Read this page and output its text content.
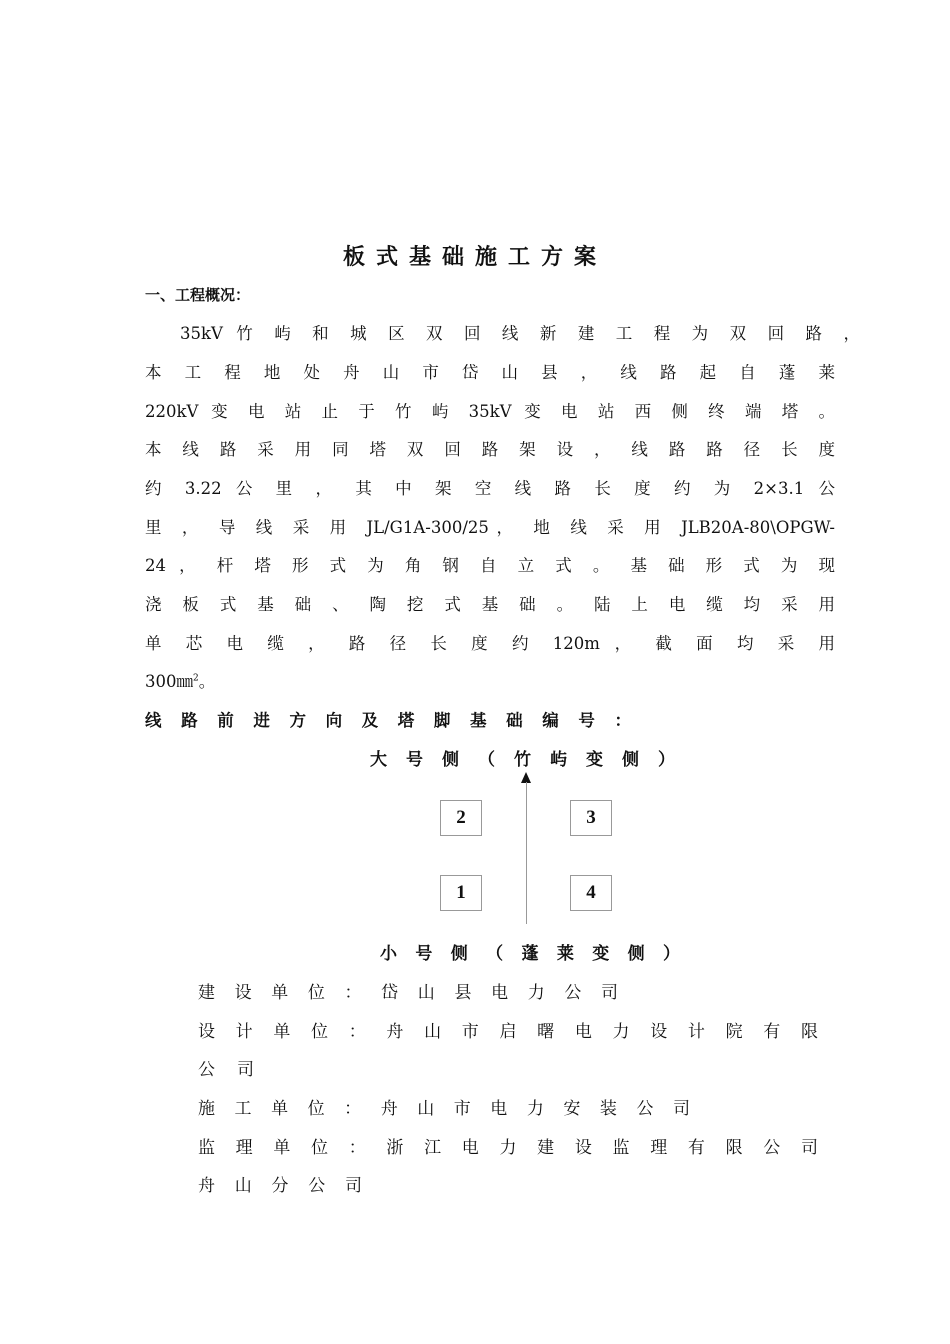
板式基础施工方案
一、工程概况：
35kV 竹 屿 和 城 区 双 回 线 新 建 工 程 为 双 回 路 ，
本 工 程 地 处 舟 山 市 岱 山 县 ， 线 路 起 自 蓬 莱
220kV 变 电 站 止 于 竹 屿 35kV 变 电 站 西 侧 终 端 塔 。
本 线 路 采 用 同 塔 双 回 路 架 设 ， 线 路 路 径 长 度
约 3.22 公 里 ， 其 中 架 空 线 路 长 度 约 为 2×3.1 公
里 ， 导 线 采 用 JL/G1A-300/25， 地 线 采 用 JLB20A-80\OPGW-
24 ， 杆 塔 形 式 为 角 钢 自 立 式 。 基 础 形 式 为 现
浇 板 式 基 础 、 陶 挖 式 基 础 。 陆 上 电 缆 均 采 用
单 芯 电 缆 ， 路 径 长 度 约 120m ， 截 面 均 采 用
300㎜$^2$。
线 路 前 进 方 向 及 塔 脚 基 础 编 号 ：
大 号 侧 （ 竹 屿 变 侧 ）
2	3
1	4
小 号 侧 （ 蓬 莱 变 侧 ）
建 设 单 位 ： 岱 山 县 电 力 公 司
设 计 单 位 ： 舟 山 市 启 曙 电 力 设 计 院 有 限
公 司
施 工 单 位 ： 舟 山 市 电 力 安 装 公 司
监 理 单 位 ： 浙 江 电 力 建 设 监 理 有 限 公 司
舟 山 分 公 司
